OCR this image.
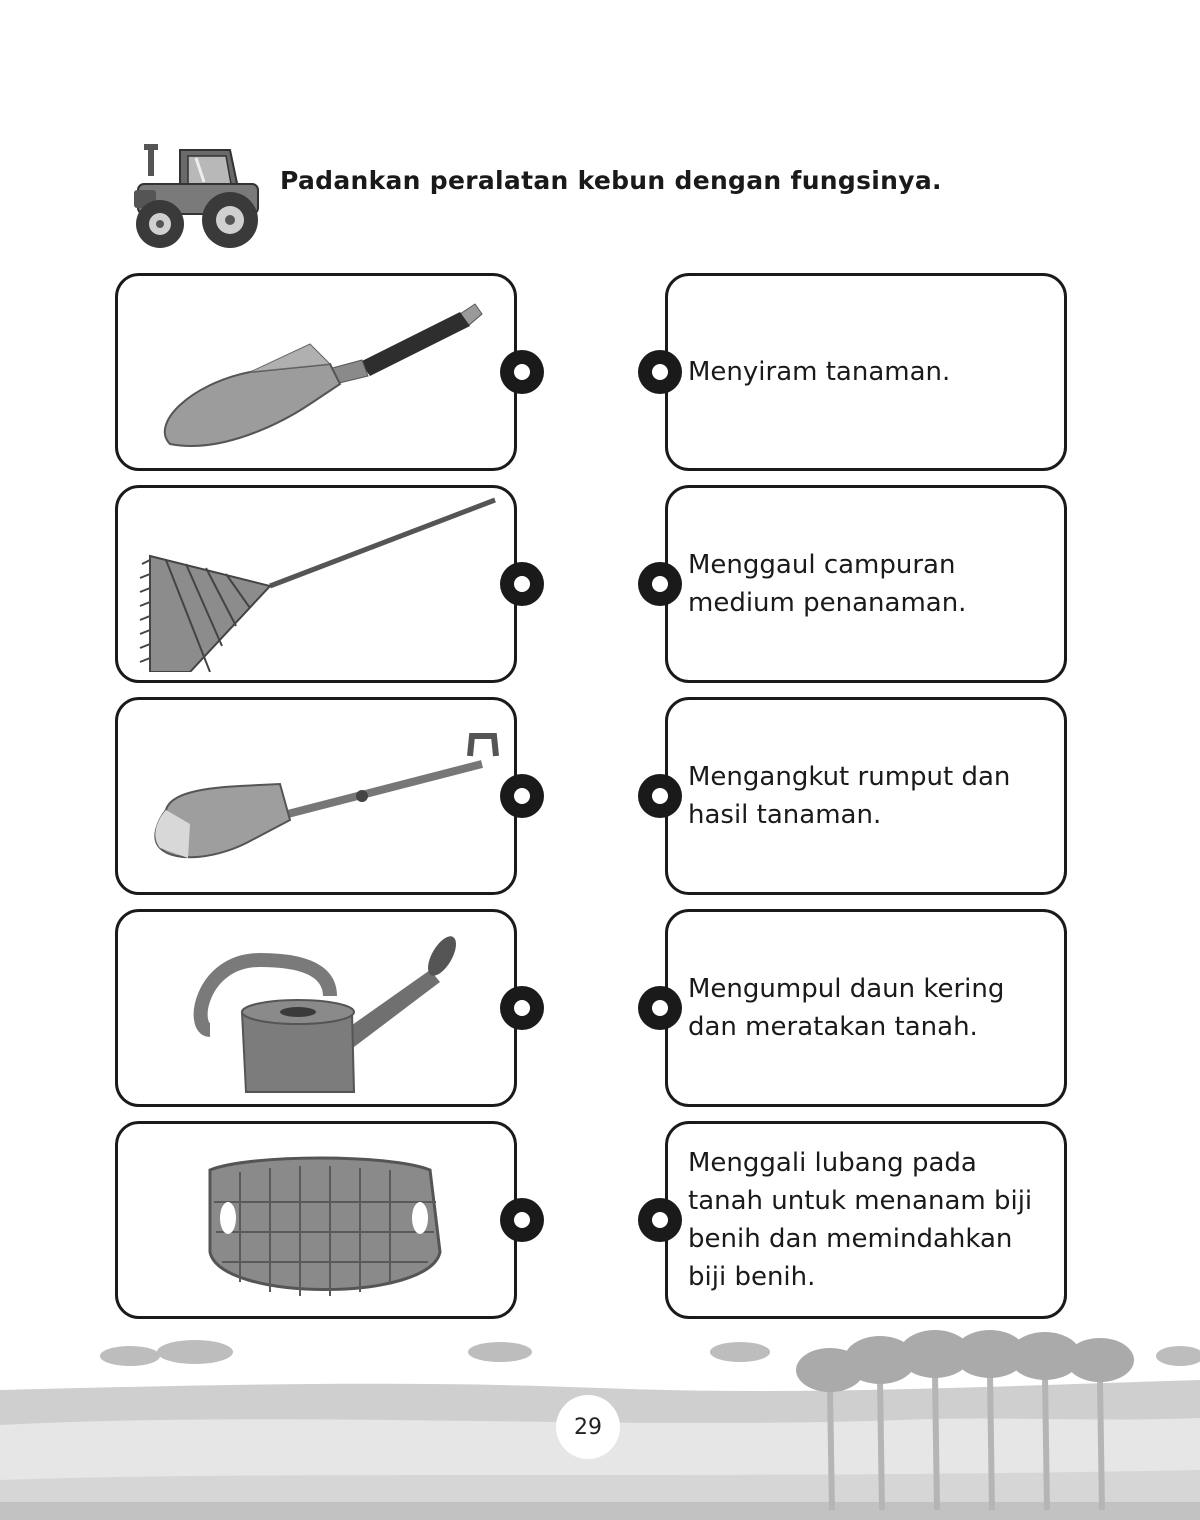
Padankan peralatan kebun dengan fungsinya.
Menyiram tanaman.
Menggaul campuran medium penanaman.
Mengangkut rumput dan hasil tanaman.
Mengumpul daun kering dan meratakan tanah.
Menggali lubang pada tanah untuk menanam biji benih dan memindahkan biji benih.
29
